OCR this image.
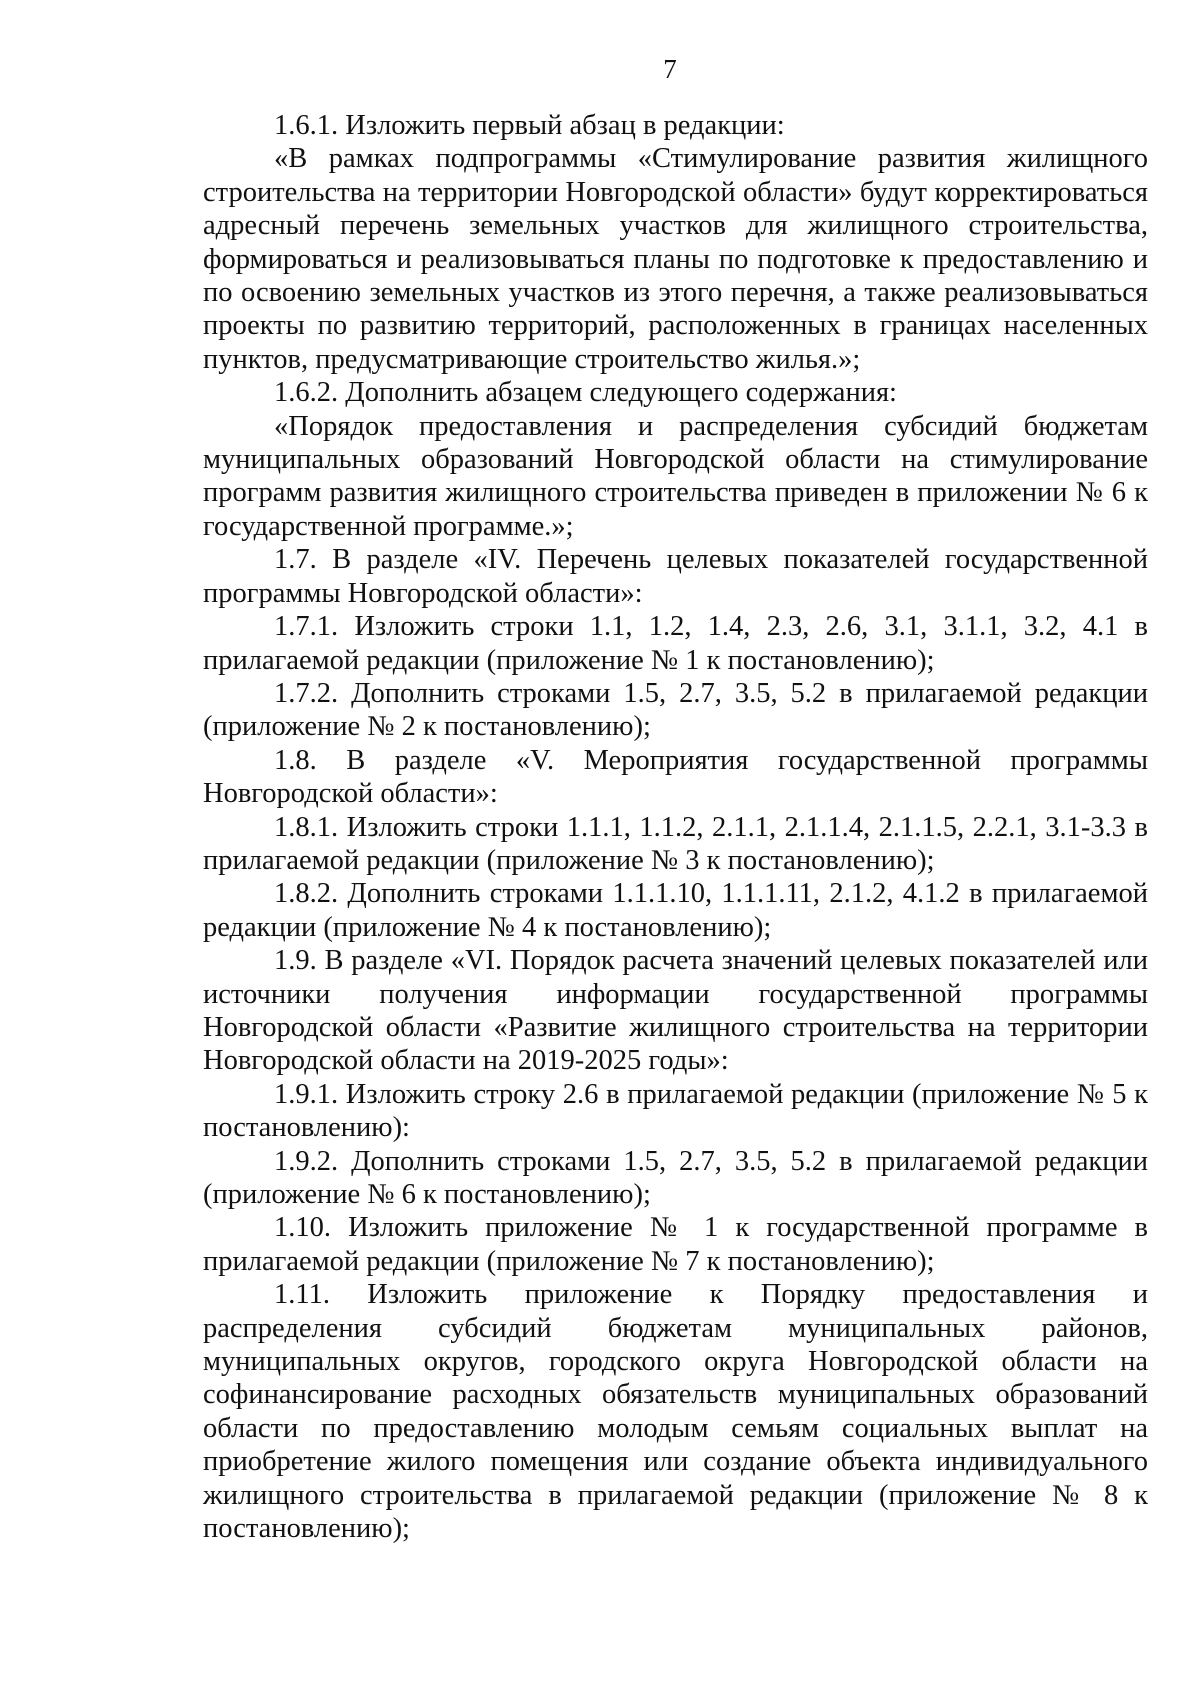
7

1.6.1. Изложить первый абзац в редакции:

«В рамках подпрограммы «Стимулирование развития жилищного строительства на территории Новгородской области» будут корректироваться адресный перечень земельных участков для жилищного строительства, формироваться и реализовываться планы по подготовке к предоставлению и по освоению земельных участков из этого перечня, а также реализовываться проекты по развитию территорий, расположенных в границах населенных пунктов, предусматривающие строительство жилья.»;

1.6.2. Дополнить абзацем следующего содержания:

«Порядок предоставления и распределения субсидий бюджетам муниципальных образований Новгородской области на стимулирование программ развития жилищного строительства приведен в приложении № 6 к государственной программе.»;

1.7. В разделе «IV. Перечень целевых показателей государственной программы Новгородской области»:

1.7.1. Изложить строки 1.1, 1.2, 1.4, 2.3, 2.6, 3.1, 3.1.1, 3.2, 4.1 в прилагаемой редакции (приложение № 1 к постановлению);

1.7.2. Дополнить строками 1.5, 2.7, 3.5, 5.2 в прилагаемой редакции (приложение № 2 к постановлению);

1.8. В разделе «V. Мероприятия государственной программы Новгородской области»:

1.8.1. Изложить строки 1.1.1, 1.1.2, 2.1.1, 2.1.1.4, 2.1.1.5, 2.2.1, 3.1-3.3 в прилагаемой редакции (приложение № 3 к постановлению);

1.8.2. Дополнить строками 1.1.1.10, 1.1.1.11, 2.1.2, 4.1.2 в прилагаемой редакции (приложение № 4 к постановлению);

1.9. В разделе «VI. Порядок расчета значений целевых показателей или источники получения информации государственной программы Новгородской области «Развитие жилищного строительства на территории Новгородской области на 2019-2025 годы»:

1.9.1. Изложить строку 2.6 в прилагаемой редакции (приложение № 5 к постановлению):

1.9.2. Дополнить строками 1.5, 2.7, 3.5, 5.2 в прилагаемой редакции (приложение № 6 к постановлению);

1.10. Изложить приложение № 1 к государственной программе в прилагаемой редакции (приложение № 7 к постановлению);

1.11. Изложить приложение к Порядку предоставления и распределения субсидий бюджетам муниципальных районов, муниципальных округов, городского округа Новгородской области на софинансирование расходных обязательств муниципальных образований области по предоставлению молодым семьям социальных выплат на приобретение жилого помещения или создание объекта индивидуального жилищного строительства в прилагаемой редакции (приложение № 8 к постановлению);
